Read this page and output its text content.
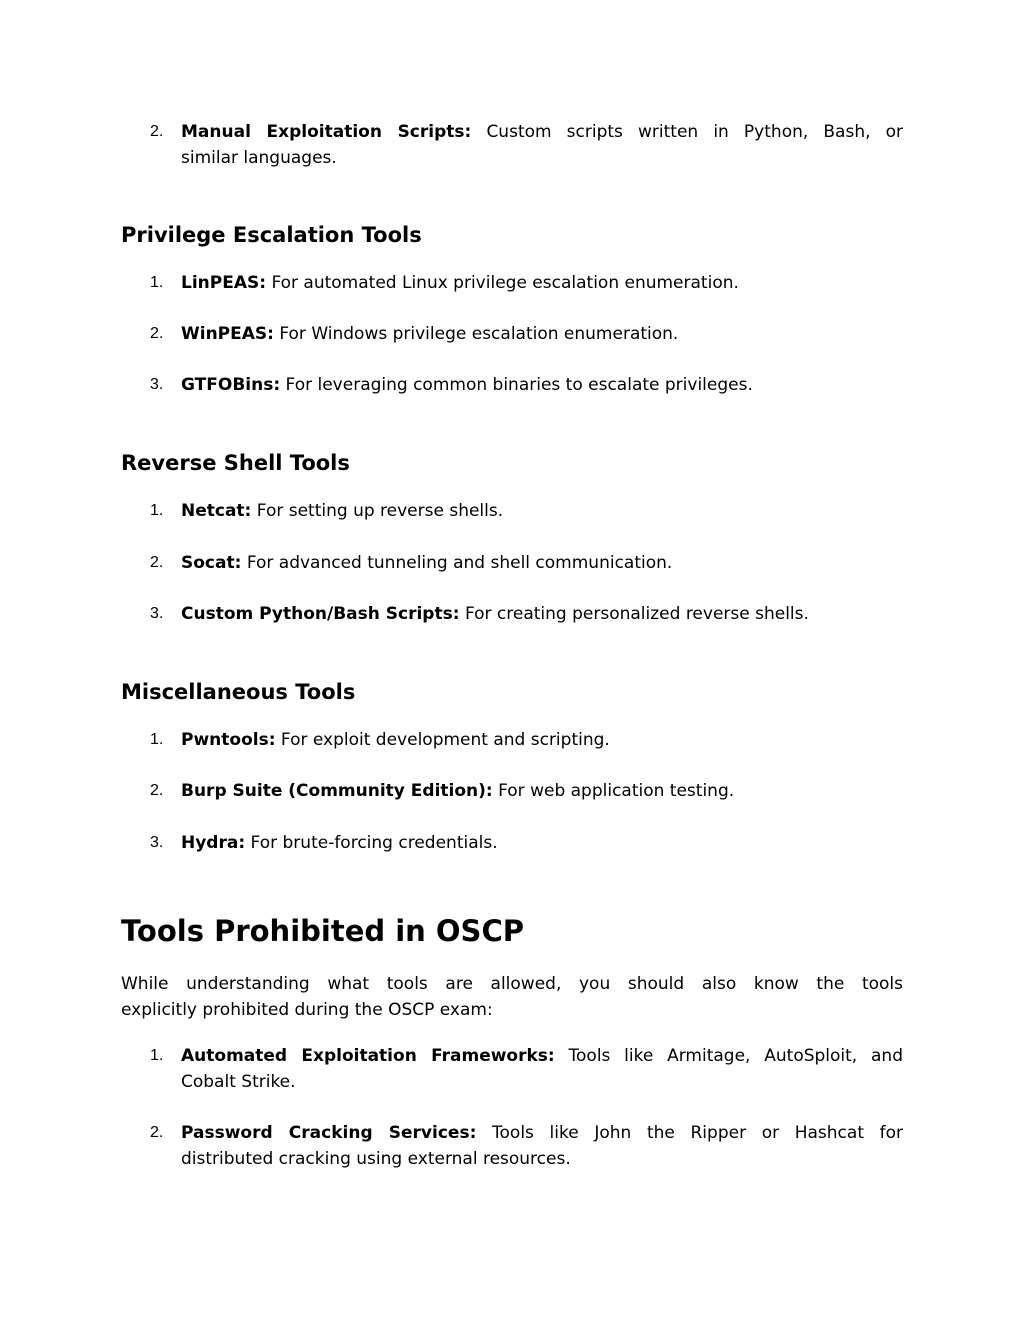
2. Manual Exploitation Scripts: Custom scripts written in Python, Bash, or
similar languages.
Privilege Escalation Tools
1. LinPEAS: For automated Linux privilege escalation enumeration.
2. WinPEAS: For Windows privilege escalation enumeration.
3. GTFOBins: For leveraging common binaries to escalate privileges.
Reverse Shell Tools
1. Netcat: For setting up reverse shells.
2. Socat: For advanced tunneling and shell communication.
3. Custom Python/Bash Scripts: For creating personalized reverse shells.
Miscellaneous Tools
1. Pwntools: For exploit development and scripting.
2. Burp Suite (Community Edition): For web application testing.
3. Hydra: For brute-forcing credentials.
Tools Prohibited in OSCP
While understanding what tools are allowed, you should also know the tools
explicitly prohibited during the OSCP exam:
1. Automated Exploitation Frameworks: Tools like Armitage, AutoSploit, and
Cobalt Strike.
2. Password Cracking Services: Tools like John the Ripper or Hashcat for
distributed cracking using external resources.
